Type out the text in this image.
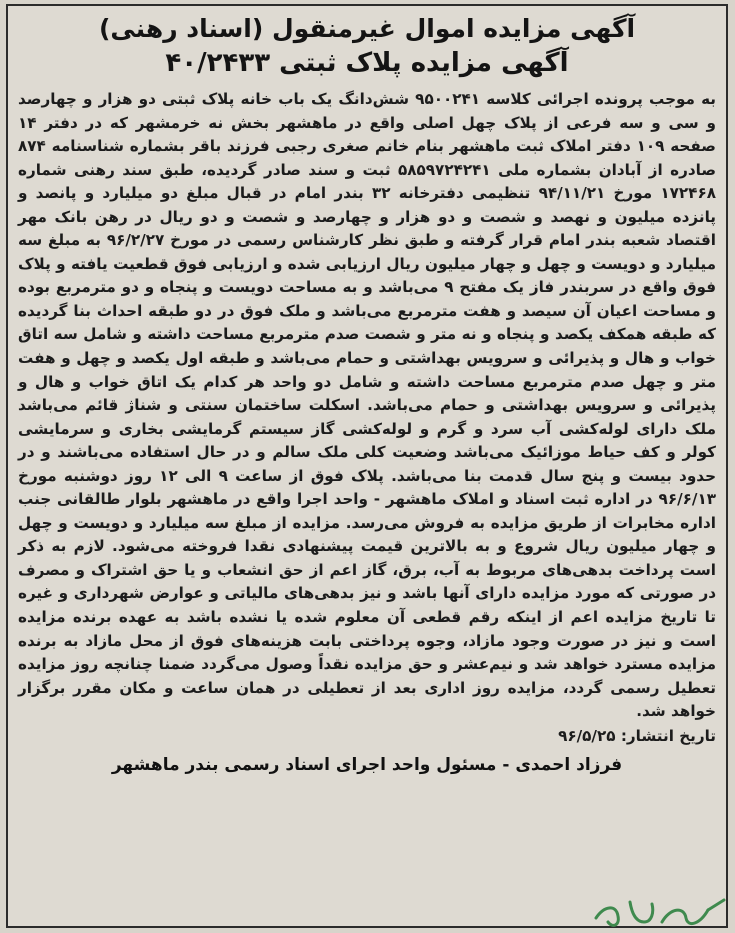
آگهی مزایده اموال غیرمنقول (اسناد رهنی)
آگهی مزایده پلاک ثبتی ۴۰/۲۴۳۳

به موجب پرونده اجرائی کلاسه ۹۵۰۰۲۴۱ شش‌دانگ یک باب خانه پلاک ثبتی دو هزار و چهارصد و سی و سه فرعی از پلاک چهل اصلی واقع در ماهشهر بخش نه خرمشهر که در دفتر ۱۴ صفحه ۱۰۹ دفتر املاک ثبت ماهشهر بنام خانم صغری رجبی فرزند باقر بشماره شناسنامه ۸۷۴ صادره از آبادان بشماره ملی ۵۸۵۹۷۲۴۲۴۱ ثبت و سند صادر گردیده، طبق سند رهنی شماره ۱۷۲۴۶۸ مورخ ۹۴/۱۱/۲۱ تنظیمی دفترخانه ۳۲ بندر امام در قبال مبلغ دو میلیارد و پانصد و پانزده میلیون و نهصد و شصت و دو هزار و چهارصد و شصت و دو ریال در رهن بانک مهر اقتصاد شعبه بندر امام قرار گرفته و طبق نظر کارشناس رسمی در مورخ ۹۶/۲/۲۷ به مبلغ سه میلیارد و دویست و چهل و چهار میلیون ریال ارزیابی شده و ارزیابی فوق قطعیت یافته و پلاک فوق واقع در سربندر فاز یک مفتح ۹ می‌باشد و به مساحت دویست و پنجاه و دو مترمربع بوده و مساحت اعیان آن سیصد و هفت مترمربع می‌باشد و ملک فوق در دو طبقه احداث بنا گردیده که طبقه همکف یکصد و پنجاه و نه متر و شصت صدم مترمربع مساحت داشته و شامل سه اتاق خواب و هال و پذیرائی و سرویس بهداشتی و حمام می‌باشد و طبقه اول یکصد و چهل و هفت متر و چهل صدم مترمربع مساحت داشته و شامل دو واحد هر کدام یک اتاق خواب و هال و پذیرائی و سرویس بهداشتی و حمام می‌باشد. اسکلت ساختمان سنتی و شناژ قائم می‌باشد ملک دارای لوله‌کشی آب سرد و گرم و لوله‌کشی گاز سیستم گرمایشی بخاری و سرمایشی کولر و کف حیاط موزائیک می‌باشد وضعیت کلی ملک سالم و در حال استفاده می‌باشند و در حدود بیست و پنج سال قدمت بنا می‌باشد. پلاک فوق از ساعت ۹ الی ۱۲ روز دوشنبه مورخ ۹۶/۶/۱۳ در اداره ثبت اسناد و املاک ماهشهر - واحد اجرا واقع در ماهشهر بلوار طالقانی جنب اداره مخابرات از طریق مزایده به فروش می‌رسد. مزایده از مبلغ سه میلیارد و دویست و چهل و چهار میلیون ریال شروع و به بالاترین قیمت پیشنهادی نقدا فروخته می‌شود. لازم به ذکر است پرداخت بدهی‌های مربوط به آب، برق، گاز اعم از حق انشعاب و یا حق اشتراک و مصرف در صورتی که مورد مزایده دارای آنها باشد و نیز بدهی‌های مالیاتی و عوارض شهرداری و غیره تا تاریخ مزایده اعم از اینکه رقم قطعی آن معلوم شده یا نشده باشد به عهده برنده مزایده است و نیز در صورت وجود مازاد، وجوه پرداختی بابت هزینه‌های فوق از محل مازاد به برنده مزایده مسترد خواهد شد و نیم‌عشر و حق مزایده نقداً وصول می‌گردد ضمنا چنانچه روز مزایده تعطیل رسمی گردد، مزایده روز اداری بعد از تعطیلی در همان ساعت و مکان مقرر برگزار خواهد شد.

تاریخ انتشار: ۹۶/۵/۲۵
فرزاد احمدی - مسئول واحد اجرای اسناد رسمی بندر ماهشهر
